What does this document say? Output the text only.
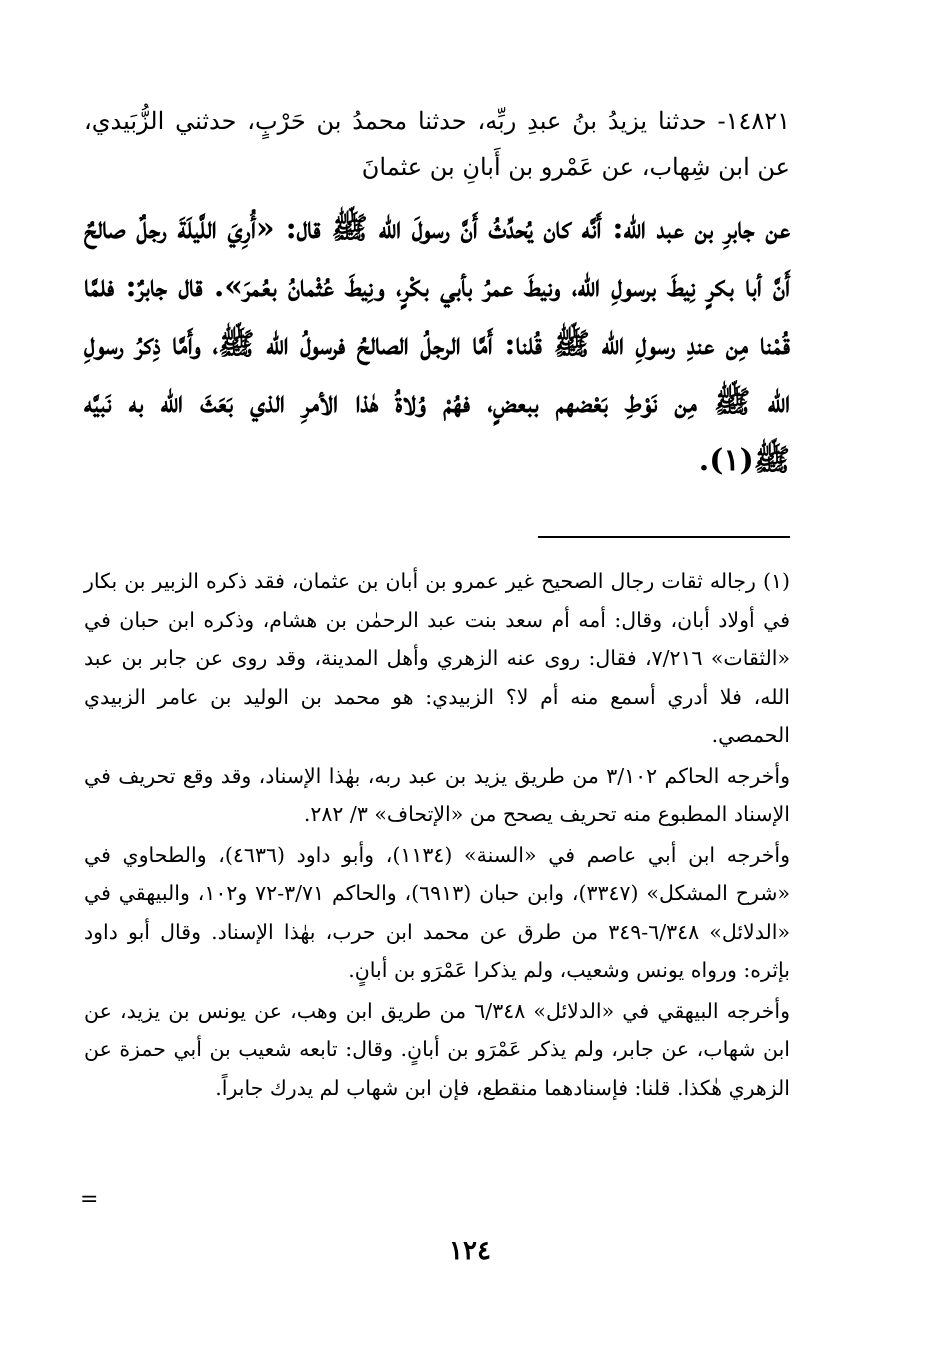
١٤٨٢١- حدثنا يزيدُ بنُ عبدِ ربِّه، حدثنا محمدُ بن حَرْبٍ، حدثني الزُّبَيدي، عن ابن شِهاب، عن عَمْرو بن أَبانِ بن عثمانَ
عن جابرِ بن عبد الله: أَنَّه كان يُحدِّثُ أَنَّ رسولَ الله ﷺ قال: «أُرِيَ اللَّيلَةَ رجلٌ صالحٌ أَنَّ أبا بكرٍ نِيطَ برسولِ الله، ونيطَ عمرُ بأبي بكْرٍ، ونِيطَ عُثْمانُ بعُمرَ». قال جابرٌ: فلمَّا قُمْنا مِن عندِ رسولِ الله ﷺ قُلنا: أَمَّا الرجلُ الصالحُ فرسولُ الله ﷺ، وأَمَّا ذِكرُ رسولِ الله ﷺ مِن نَوْطِ بَعْضهم ببعضٍ، فهُمْ وُلاةُ هٰذا الأمرِ الذي بَعَثَ الله به نَبيَّه ﷺ(١).

(١) رجاله ثقات رجال الصحيح غير عمرو بن أبان بن عثمان، فقد ذكره الزبير بن بكار في أولاد أبان، وقال: أمه أم سعد بنت عبد الرحمٰن بن هشام، وذكره ابن حبان في «الثقات» ٧/٢١٦، فقال: روى عنه الزهري وأهل المدينة، وقد روى عن جابر بن عبد الله، فلا أدري أسمع منه أم لا؟ الزبيدي: هو محمد بن الوليد بن عامر الزبيدي الحمصي.

وأخرجه الحاكم ٣/١٠٢ من طريق يزيد بن عبد ربه، بهٰذا الإسناد، وقد وقع تحريف في الإسناد المطبوع منه تحريف يصحح من «الإتحاف» ٣/ ٢٨٢.

وأخرجه ابن أبي عاصم في «السنة» (١١٣٤)، وأبو داود (٤٦٣٦)، والطحاوي في «شرح المشكل» (٣٣٤٧)، وابن حبان (٦٩١٣)، والحاكم ٣/٧١-٧٢ و١٠٢، والبيهقي في «الدلائل» ٦/٣٤٨-٣٤٩ من طرق عن محمد ابن حرب، بهٰذا الإسناد. وقال أبو داود بإثره: ورواه يونس وشعيب، ولم يذكرا عَمْرَو بن أبانٍ.

وأخرجه البيهقي في «الدلائل» ٦/٣٤٨ من طريق ابن وهب، عن يونس بن يزيد، عن ابن شهاب، عن جابر، ولم يذكر عَمْرَو بن أبانٍ. وقال: تابعه شعيب بن أبي حمزة عن الزهري هٰكذا. قلنا: فإسنادهما منقطع، فإن ابن شهاب لم يدرك جابراً.

=
١٢٤
